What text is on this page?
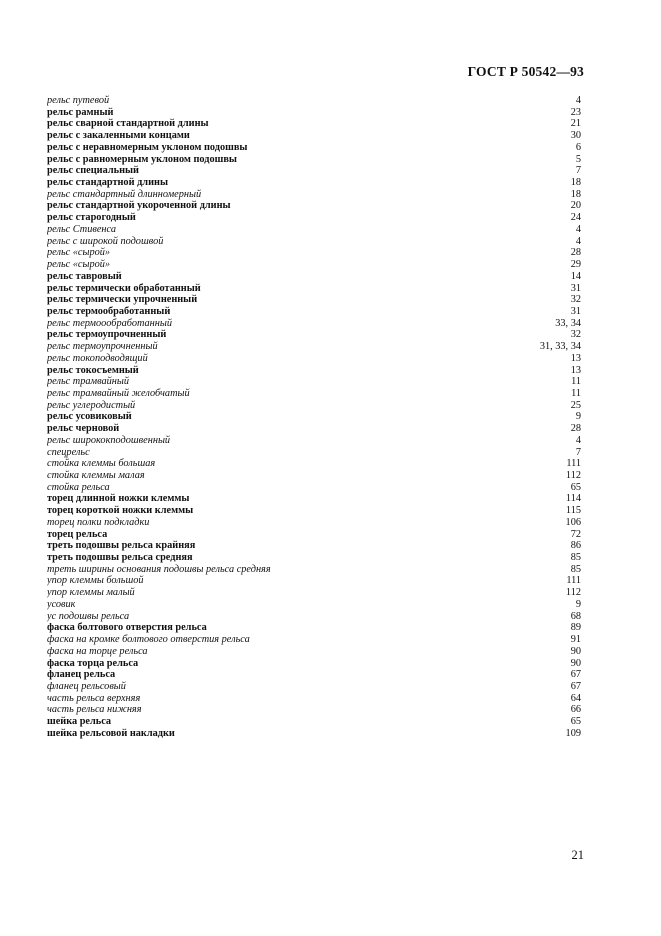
ГОСТ Р 50542—93
рельс путевой	4
рельс рамный	23
рельс сварной стандартной длины	21
рельс с закаленными концами	30
рельс с неравномерным уклоном подошвы	6
рельс с равномерным уклоном подошвы	5
рельс специальный	7
рельс стандартной длины	18
рельс стандартный длинномерный	18
рельс стандартной укороченной длины	20
рельс старогодный	24
рельс Стивенса	4
рельс с широкой подошвой	4
рельс «сырой»	28
рельс «сырой»	29
рельс тавровый	14
рельс термически обработанный	31
рельс термически упрочненный	32
рельс термообработанный	31
рельс термоообработанный	33, 34
рельс термоупрочненный	32
рельс термоупрочненный	31, 33, 34
рельс токоподводящий	13
рельс токосъемный	13
рельс трамвайный	11
рельс трамвайный желобчатый	11
рельс углеродистый	25
рельс усовиковый	9
рельс черновой	28
рельс ширококподошвенный	4
спецрельс	7
стойка клеммы большая	111
стойка клеммы малая	112
стойка рельса	65
торец длинной ножки клеммы	114
торец короткой ножки клеммы	115
торец полки подкладки	106
торец рельса	72
треть подошвы рельса крайняя	86
треть подошвы рельса средняя	85
треть ширины основания подошвы рельса средняя	85
упор клеммы большой	111
упор клеммы малый	112
усовик	9
ус подошвы рельса	68
фаска болтового отверстия рельса	89
фаска на кромке болтового отверстия рельса	91
фаска на торце рельса	90
фаска торца рельса	90
фланец рельса	67
фланец рельсовый	67
часть рельса верхняя	64
часть рельса нижняя	66
шейка рельса	65
шейка рельсовой накладки	109
21
